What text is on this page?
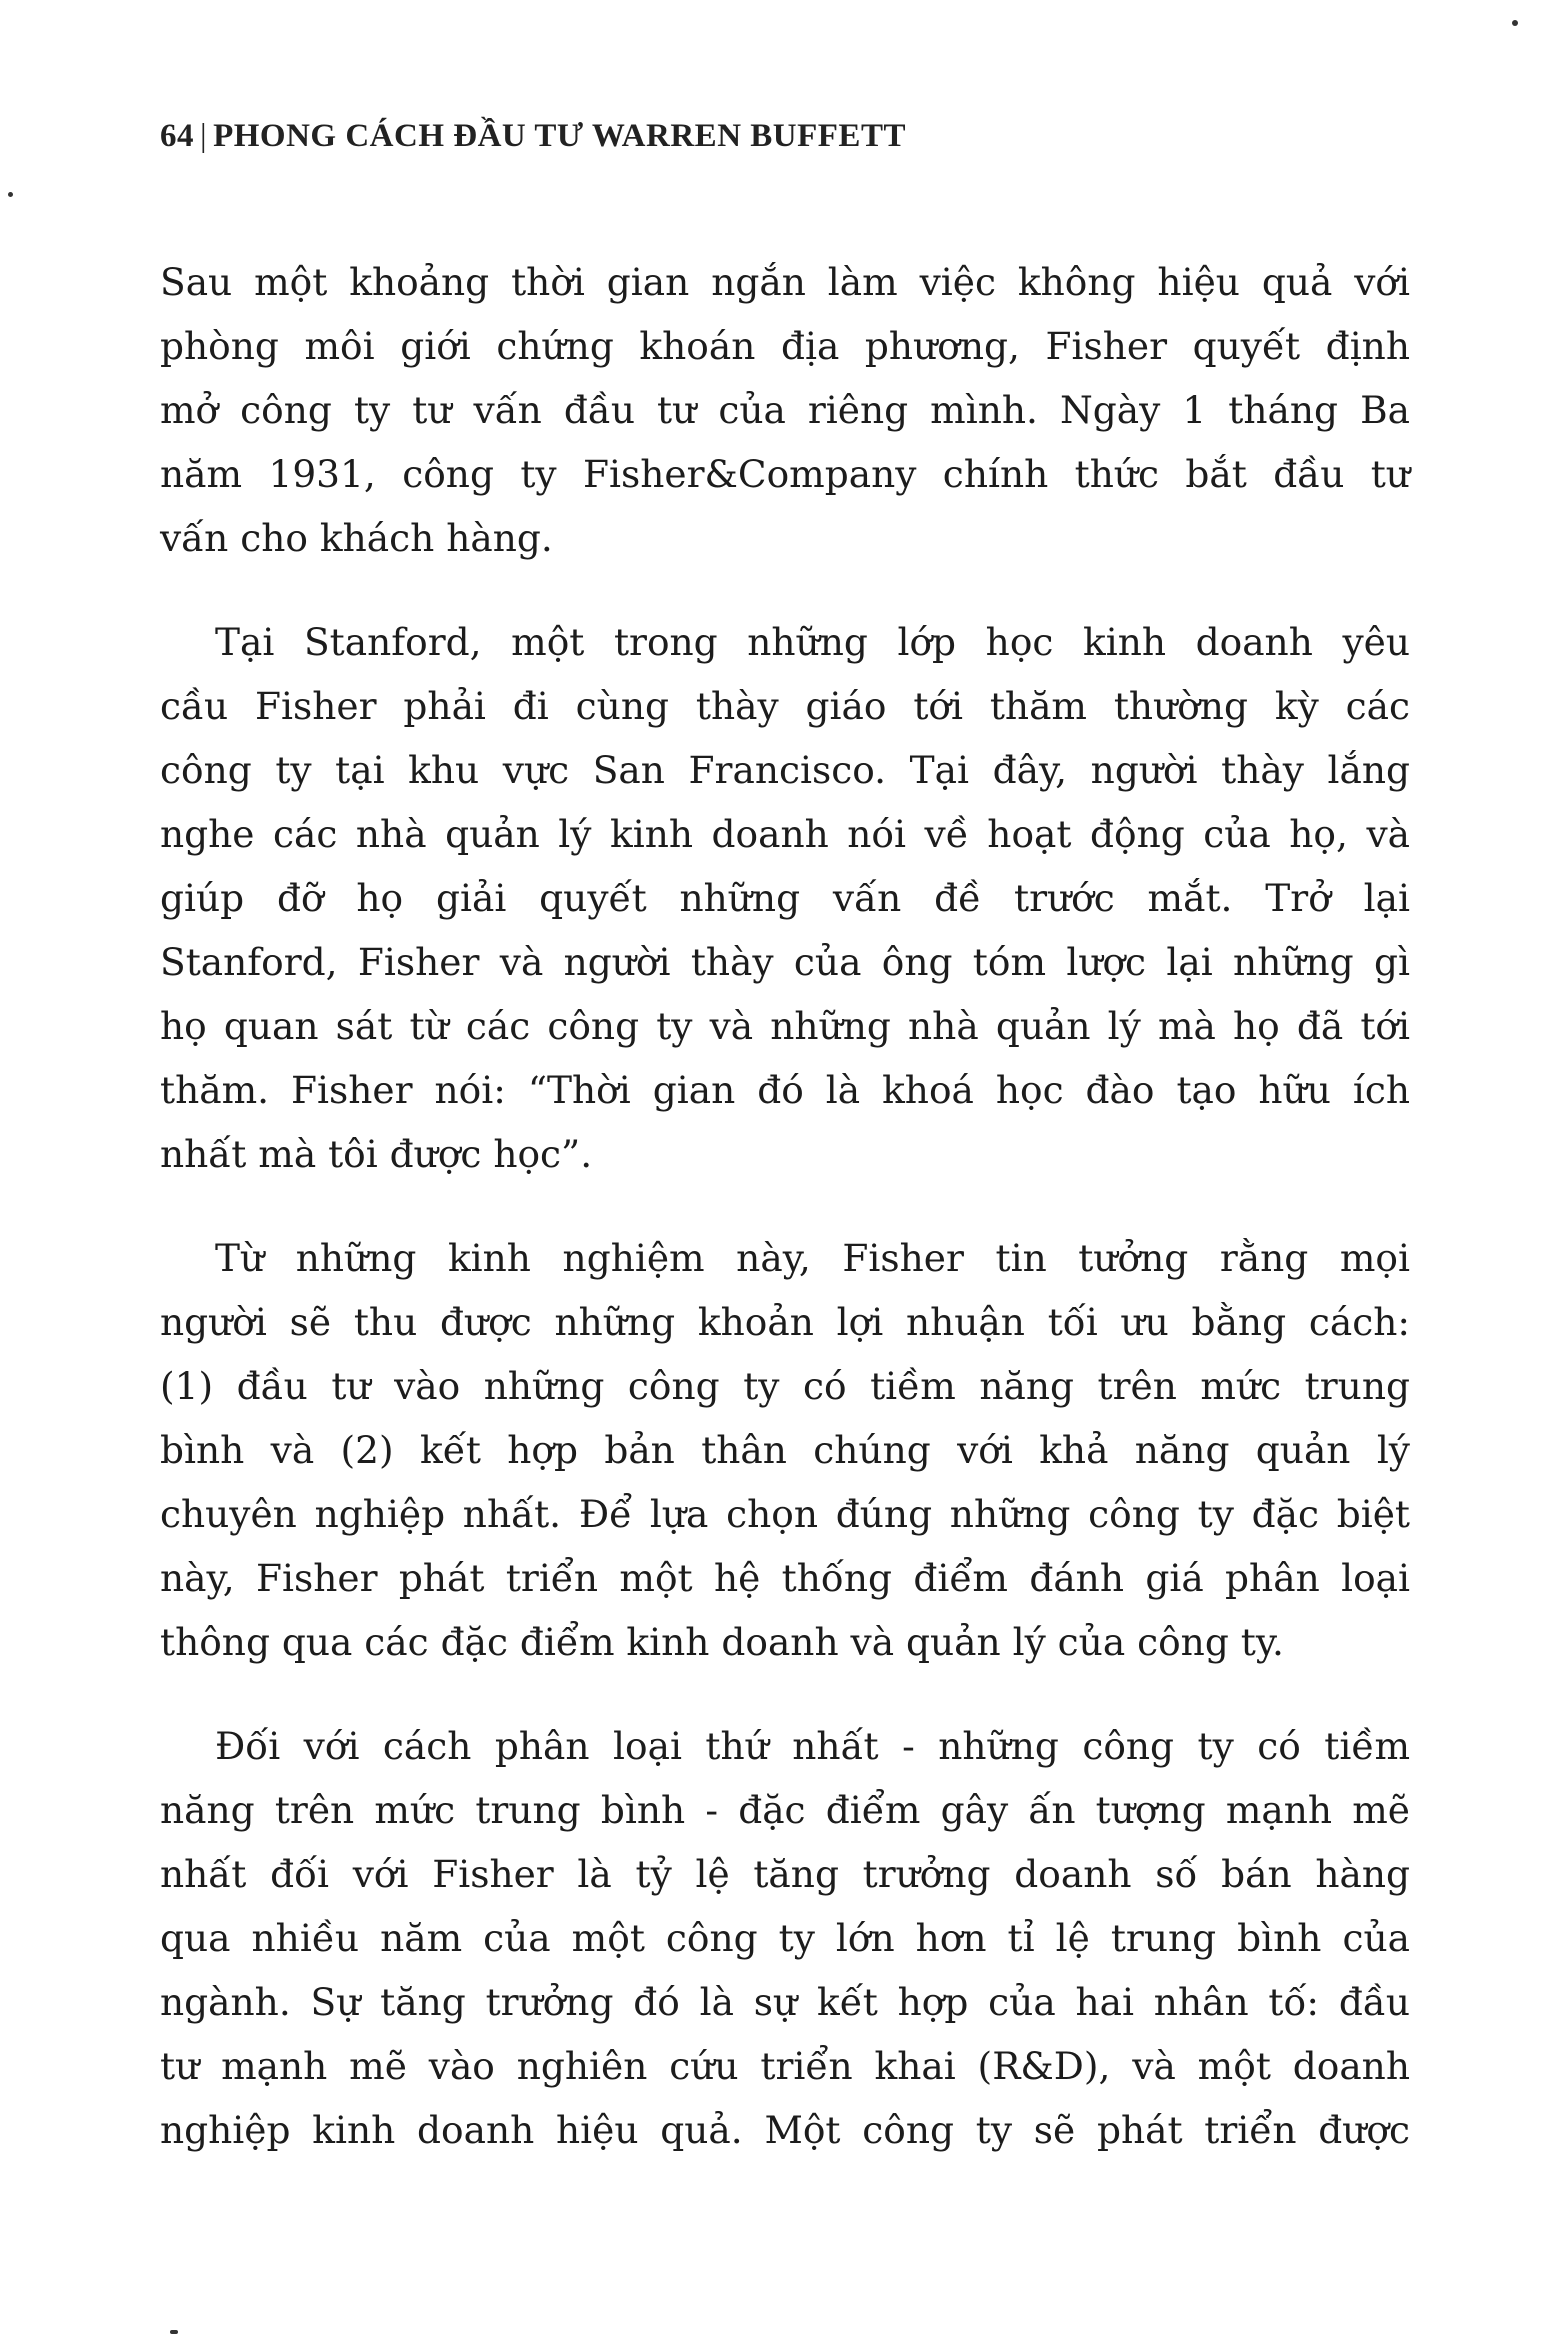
64 | PHONG CÁCH ĐẦU TƯ WARREN BUFFETT

Sau một khoảng thời gian ngắn làm việc không hiệu quả với
phòng môi giới chứng khoán địa phương, Fisher quyết định
mở công ty tư vấn đầu tư của riêng mình. Ngày 1 tháng Ba
năm 1931, công ty Fisher&Company chính thức bắt đầu tư
vấn cho khách hàng.

Tại Stanford, một trong những lớp học kinh doanh yêu
cầu Fisher phải đi cùng thày giáo tới thăm thường kỳ các
công ty tại khu vực San Francisco. Tại đây, người thày lắng
nghe các nhà quản lý kinh doanh nói về hoạt động của họ, và
giúp đỡ họ giải quyết những vấn đề trước mắt. Trở lại
Stanford, Fisher và người thày của ông tóm lược lại những gì
họ quan sát từ các công ty và những nhà quản lý mà họ đã tới
thăm. Fisher nói: “Thời gian đó là khoá học đào tạo hữu ích
nhất mà tôi được học”.

Từ những kinh nghiệm này, Fisher tin tưởng rằng mọi
người sẽ thu được những khoản lợi nhuận tối ưu bằng cách:
(1) đầu tư vào những công ty có tiềm năng trên mức trung
bình và (2) kết hợp bản thân chúng với khả năng quản lý
chuyên nghiệp nhất. Để lựa chọn đúng những công ty đặc biệt
này, Fisher phát triển một hệ thống điểm đánh giá phân loại
thông qua các đặc điểm kinh doanh và quản lý của công ty.

Đối với cách phân loại thứ nhất - những công ty có tiềm
năng trên mức trung bình - đặc điểm gây ấn tượng mạnh mẽ
nhất đối với Fisher là tỷ lệ tăng trưởng doanh số bán hàng
qua nhiều năm của một công ty lớn hơn tỉ lệ trung bình của
ngành. Sự tăng trưởng đó là sự kết hợp của hai nhân tố: đầu
tư mạnh mẽ vào nghiên cứu triển khai (R&D), và một doanh
nghiệp kinh doanh hiệu quả. Một công ty sẽ phát triển được
